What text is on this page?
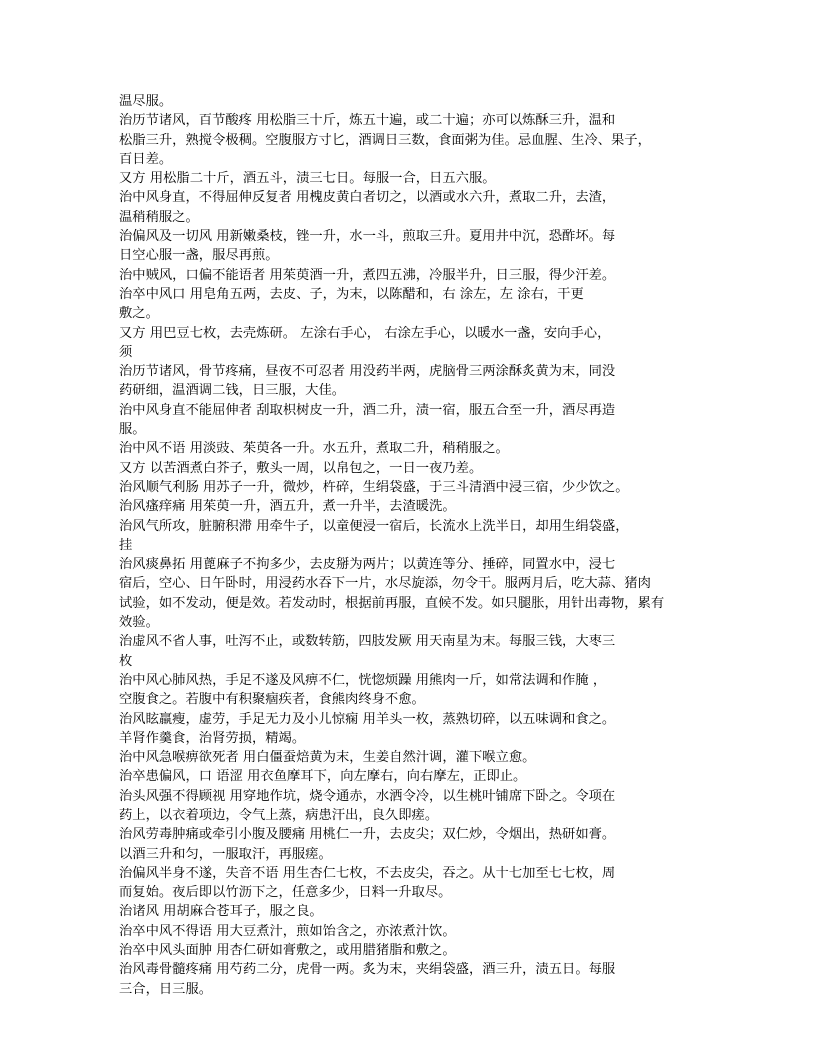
温尽服。
治历节诸风，百节酸疼 用松脂三十斤，炼五十遍，或二十遍；亦可以炼酥三升，温和
松脂三升，熟搅令极稠。空腹服方寸匕，酒调日三数，食面粥为佳。忌血腥、生冷、果子，
百日差。
又方 用松脂二十斤，酒五斗，渍三七日。每服一合，日五六服。
治中风身直，不得屈伸反复者 用槐皮黄白者切之，以酒或水六升，煮取二升，去渣，
温稍稍服之。
治偏风及一切风 用新嫩桑枝，锉一升，水一斗，煎取三升。夏用井中沉，恐酢坏。每
日空心服一盏，服尽再煎。
治中贼风，口偏不能语者 用茱萸酒一升，煮四五沸，冷服半升，日三服，得少汗差。
治卒中风口 用皂角五两，去皮、子，为末，以陈醋和，右 涂左，左 涂右，干更
敷之。
又方 用巴豆七枚，去壳炼研。 左涂右手心， 右涂左手心，以暖水一盏，安向手心，
须
治历节诸风，骨节疼痛，昼夜不可忍者 用没药半两，虎脑骨三两涂酥炙黄为末，同没
药研细，温酒调二钱，日三服，大佳。
治中风身直不能屈伸者 刮取枳树皮一升，酒二升，渍一宿，服五合至一升，酒尽再造
服。
治中风不语 用淡豉、茱萸各一升。水五升，煮取二升，稍稍服之。
又方 以苦酒煮白芥子，敷头一周，以帛包之，一日一夜乃差。
治风顺气利肠 用苏子一升，微炒，杵碎，生绢袋盛，于三斗清酒中浸三宿，少少饮之。
治风瘙痒痛 用茱萸一升，酒五升，煮一升半，去渣暖洗。
治风气所攻，脏腑积滞 用牵牛子，以童便浸一宿后，长流水上洗半日，却用生绢袋盛，
挂
治风痰鼻拓 用蓖麻子不拘多少，去皮掰为两片；以黄连等分、捶碎，同置水中，浸七
宿后，空心、日午卧时，用浸药水吞下一片，水尽旋添，勿令干。服两月后，吃大蒜、猪肉
试验，如不发动，便是效。若发动时，根据前再服，直候不发。如只腿胀，用针出毒物，累有
效验。
治虚风不省人事，吐泻不止，或数转筋，四肢发厥 用天南星为末。每服三钱，大枣三
枚
治中风心肺风热，手足不遂及风痹不仁，恍惚烦躁 用熊肉一斤，如常法调和作腌 ，
空腹食之。若腹中有积聚痼疾者，食熊肉终身不愈。
治风眩羸瘦，虚劳，手足无力及小儿惊痫 用羊头一枚，蒸熟切碎，以五味调和食之。
羊肾作羹食，治肾劳损，精竭。
治中风急喉痹欲死者 用白僵蚕焙黄为末，生姜自然汁调，灌下喉立愈。
治卒患偏风，口 语涩 用衣鱼摩耳下，向左摩右，向右摩左，正即止。
治头风强不得顾视 用穿地作坑，烧令通赤，水洒令冷，以生桃叶铺席下卧之。令项在
药上，以衣着项边，令气上蒸，病患汗出，良久即瘥。
治风劳毒肿痛或牵引小腹及腰痛 用桃仁一升，去皮尖；双仁炒，令烟出，热研如膏。
以酒三升和匀，一服取汗，再服瘥。
治偏风半身不遂，失音不语 用生杏仁七枚，不去皮尖，吞之。从十七加至七七枚，周
而复始。夜后即以竹沥下之，任意多少，日料一升取尽。
治诸风 用胡麻合苍耳子，服之良。
治卒中风不得语 用大豆煮汁，煎如饴含之，亦浓煮汁饮。
治卒中风头面肿 用杏仁研如膏敷之，或用腊猪脂和敷之。
治风毒骨髓疼痛 用芍药二分，虎骨一两。炙为末，夹绢袋盛，酒三升，渍五日。每服
三合，日三服。
